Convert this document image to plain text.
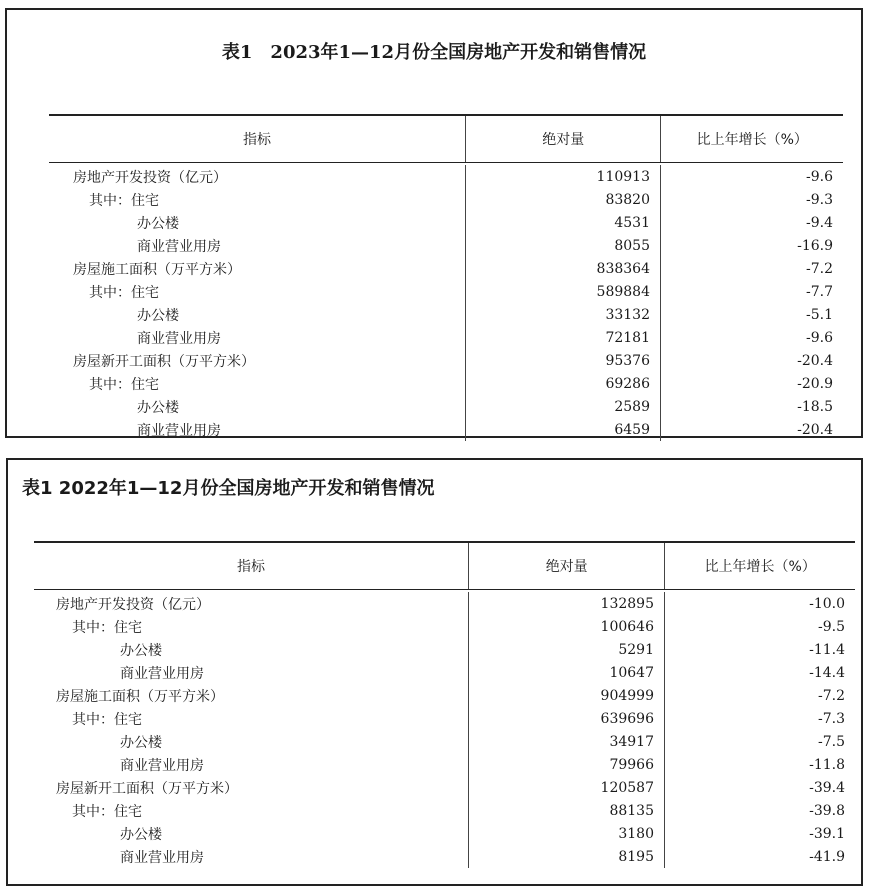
表1　2023年1—12月份全国房地产开发和销售情况
指标	绝对量	比上年增长（%）
房地产开发投资（亿元）	110913	-9.6
其中：住宅	83820	-9.3
办公楼	4531	-9.4
商业营业用房	8055	-16.9
房屋施工面积（万平方米）	838364	-7.2
其中：住宅	589884	-7.7
办公楼	33132	-5.1
商业营业用房	72181	-9.6
房屋新开工面积（万平方米）	95376	-20.4
其中：住宅	69286	-20.9
办公楼	2589	-18.5
商业营业用房	6459	-20.4
表1 2022年1—12月份全国房地产开发和销售情况
指标	绝对量	比上年增长（%）
房地产开发投资（亿元）	132895	-10.0
其中：住宅	100646	-9.5
办公楼	5291	-11.4
商业营业用房	10647	-14.4
房屋施工面积（万平方米）	904999	-7.2
其中：住宅	639696	-7.3
办公楼	34917	-7.5
商业营业用房	79966	-11.8
房屋新开工面积（万平方米）	120587	-39.4
其中：住宅	88135	-39.8
办公楼	3180	-39.1
商业营业用房	8195	-41.9
